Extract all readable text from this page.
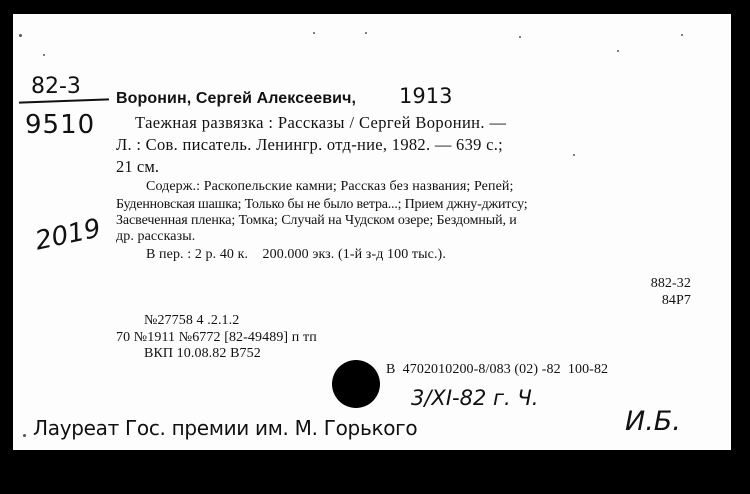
82-3
9510
Воронин, Сергей Алексеевич, 1913
Таежная развязка : Рассказы / Сергей Воронин. —
Л. : Сов. писатель. Ленингр. отд-ние, 1982. — 639 с.;
21 см.
2019
Содерж.: Раскопельские камни; Рассказ без названия; Репей;
Буденновская шашка; Только бы не было ветра...; Прием джну-джитсу;
Засвеченная пленка; Томка; Случай на Чудском озере; Бездомный, и
др. рассказы.
В пер. : 2 р. 40 к.    200.000 экз. (1-й з-д 100 тыс.).
882-32
84Р7
№27758 4 .2.1.2
70 №1911 №6772 [82-49489] п тп
ВКП 10.08.82 В752
В  4702010200-8/083 (02) -82  100-82
3/XI-82 г. Ч.
Лауреат Гос. премии им. М. Горького	И.Б.
